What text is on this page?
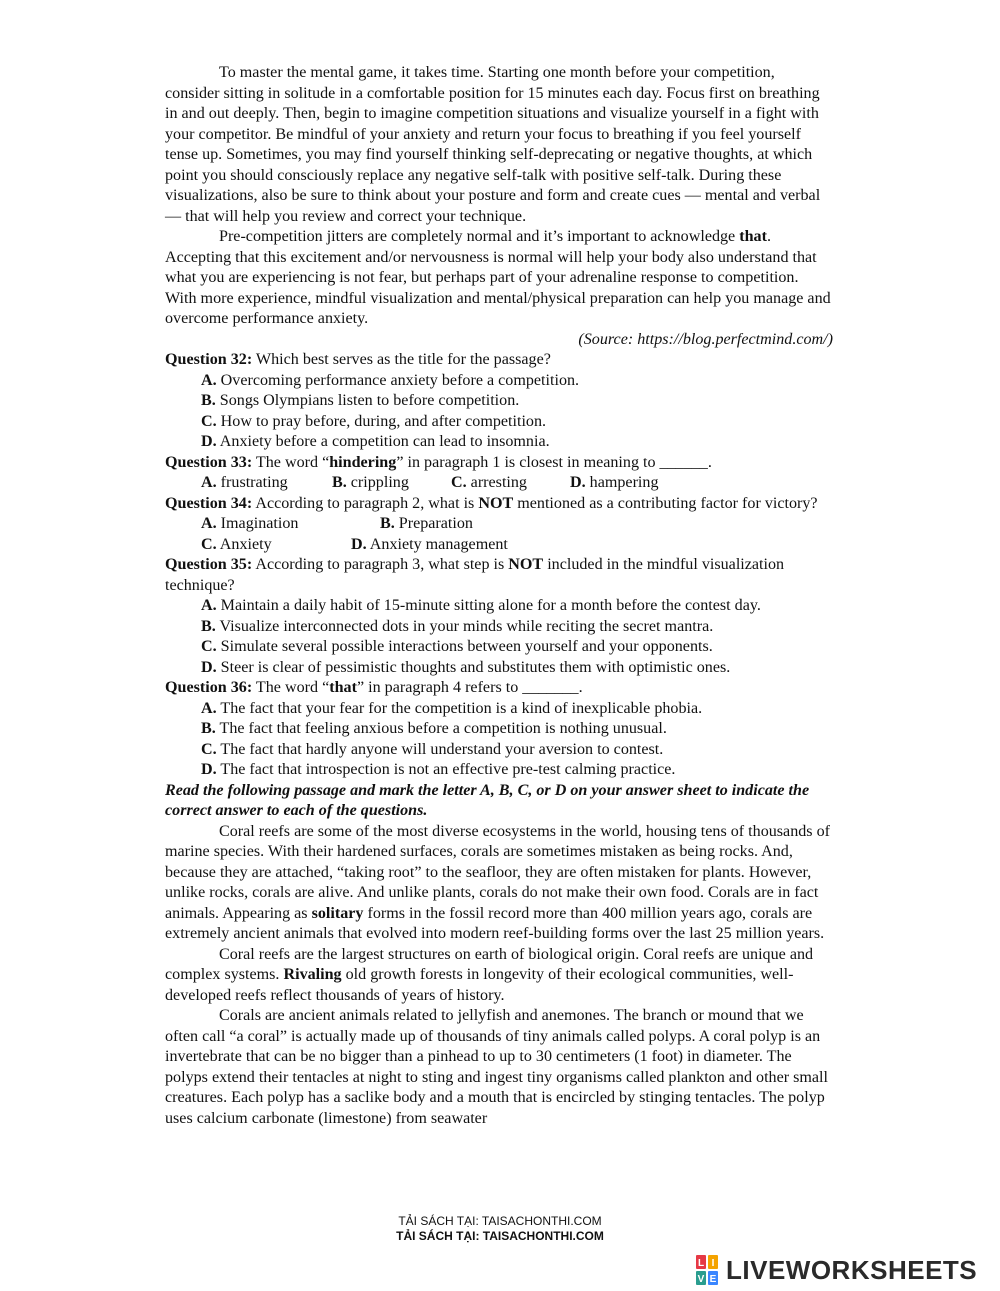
To master the mental game, it takes time. Starting one month before your competition, consider sitting in solitude in a comfortable position for 15 minutes each day. Focus first on breathing in and out deeply. Then, begin to imagine competition situations and visualize yourself in a fight with your competitor. Be mindful of your anxiety and return your focus to breathing if you feel yourself tense up. Sometimes, you may find yourself thinking self-deprecating or negative thoughts, at which point you should consciously replace any negative self-talk with positive self-talk. During these visualizations, also be sure to think about your posture and form and create cues — mental and verbal — that will help you review and correct your technique.

Pre-competition jitters are completely normal and it’s important to acknowledge that. Accepting that this excitement and/or nervousness is normal will help your body also understand that what you are experiencing is not fear, but perhaps part of your adrenaline response to competition. With more experience, mindful visualization and mental/physical preparation can help you manage and overcome performance anxiety.

(Source: https://blog.perfectmind.com/)

Question 32: Which best serves as the title for the passage?

A. Overcoming performance anxiety before a competition.

B. Songs Olympians listen to before competition.

C. How to pray before, during, and after competition.

D. Anxiety before a competition can lead to insomnia.

Question 33: The word “hindering” in paragraph 1 is closest in meaning to ______.

A. frustrating	B. crippling	C. arresting	D. hampering

Question 34: According to paragraph 2, what is NOT mentioned as a contributing factor for victory?

A. Imagination	B. Preparation

C. Anxiety	D. Anxiety management

Question 35: According to paragraph 3, what step is NOT included in the mindful visualization technique?

A. Maintain a daily habit of 15-minute sitting alone for a month before the contest day.

B. Visualize interconnected dots in your minds while reciting the secret mantra.

C. Simulate several possible interactions between yourself and your opponents.

D. Steer is clear of pessimistic thoughts and substitutes them with optimistic ones.

Question 36: The word “that” in paragraph 4 refers to _______.

A. The fact that your fear for the competition is a kind of inexplicable phobia.

B. The fact that feeling anxious before a competition is nothing unusual.

C. The fact that hardly anyone will understand your aversion to contest.

D. The fact that introspection is not an effective pre-test calming practice.

Read the following passage and mark the letter A, B, C, or D on your answer sheet to indicate the correct answer to each of the questions.

Coral reefs are some of the most diverse ecosystems in the world, housing tens of thousands of marine species. With their hardened surfaces, corals are sometimes mistaken as being rocks. And, because they are attached, “taking root” to the seafloor, they are often mistaken for plants. However, unlike rocks, corals are alive. And unlike plants, corals do not make their own food. Corals are in fact animals. Appearing as solitary forms in the fossil record more than 400 million years ago, corals are extremely ancient animals that evolved into modern reef-building forms over the last 25 million years.

Coral reefs are the largest structures on earth of biological origin. Coral reefs are unique and complex systems. Rivaling old growth forests in longevity of their ecological communities, well-developed reefs reflect thousands of years of history.

Corals are ancient animals related to jellyfish and anemones. The branch or mound that we often call “a coral” is actually made up of thousands of tiny animals called polyps. A coral polyp is an invertebrate that can be no bigger than a pinhead to up to 30 centimeters (1 foot) in diameter. The polyps extend their tentacles at night to sting and ingest tiny organisms called plankton and other small creatures. Each polyp has a saclike body and a mouth that is encircled by stinging tentacles. The polyp uses calcium carbonate (limestone) from seawater

TẢI SÁCH TẠI: TAISACHONTHI.COM
TẢI SÁCH TẠI: TAISACHONTHI.COM
L I
V E LIVEWORKSHEETS
